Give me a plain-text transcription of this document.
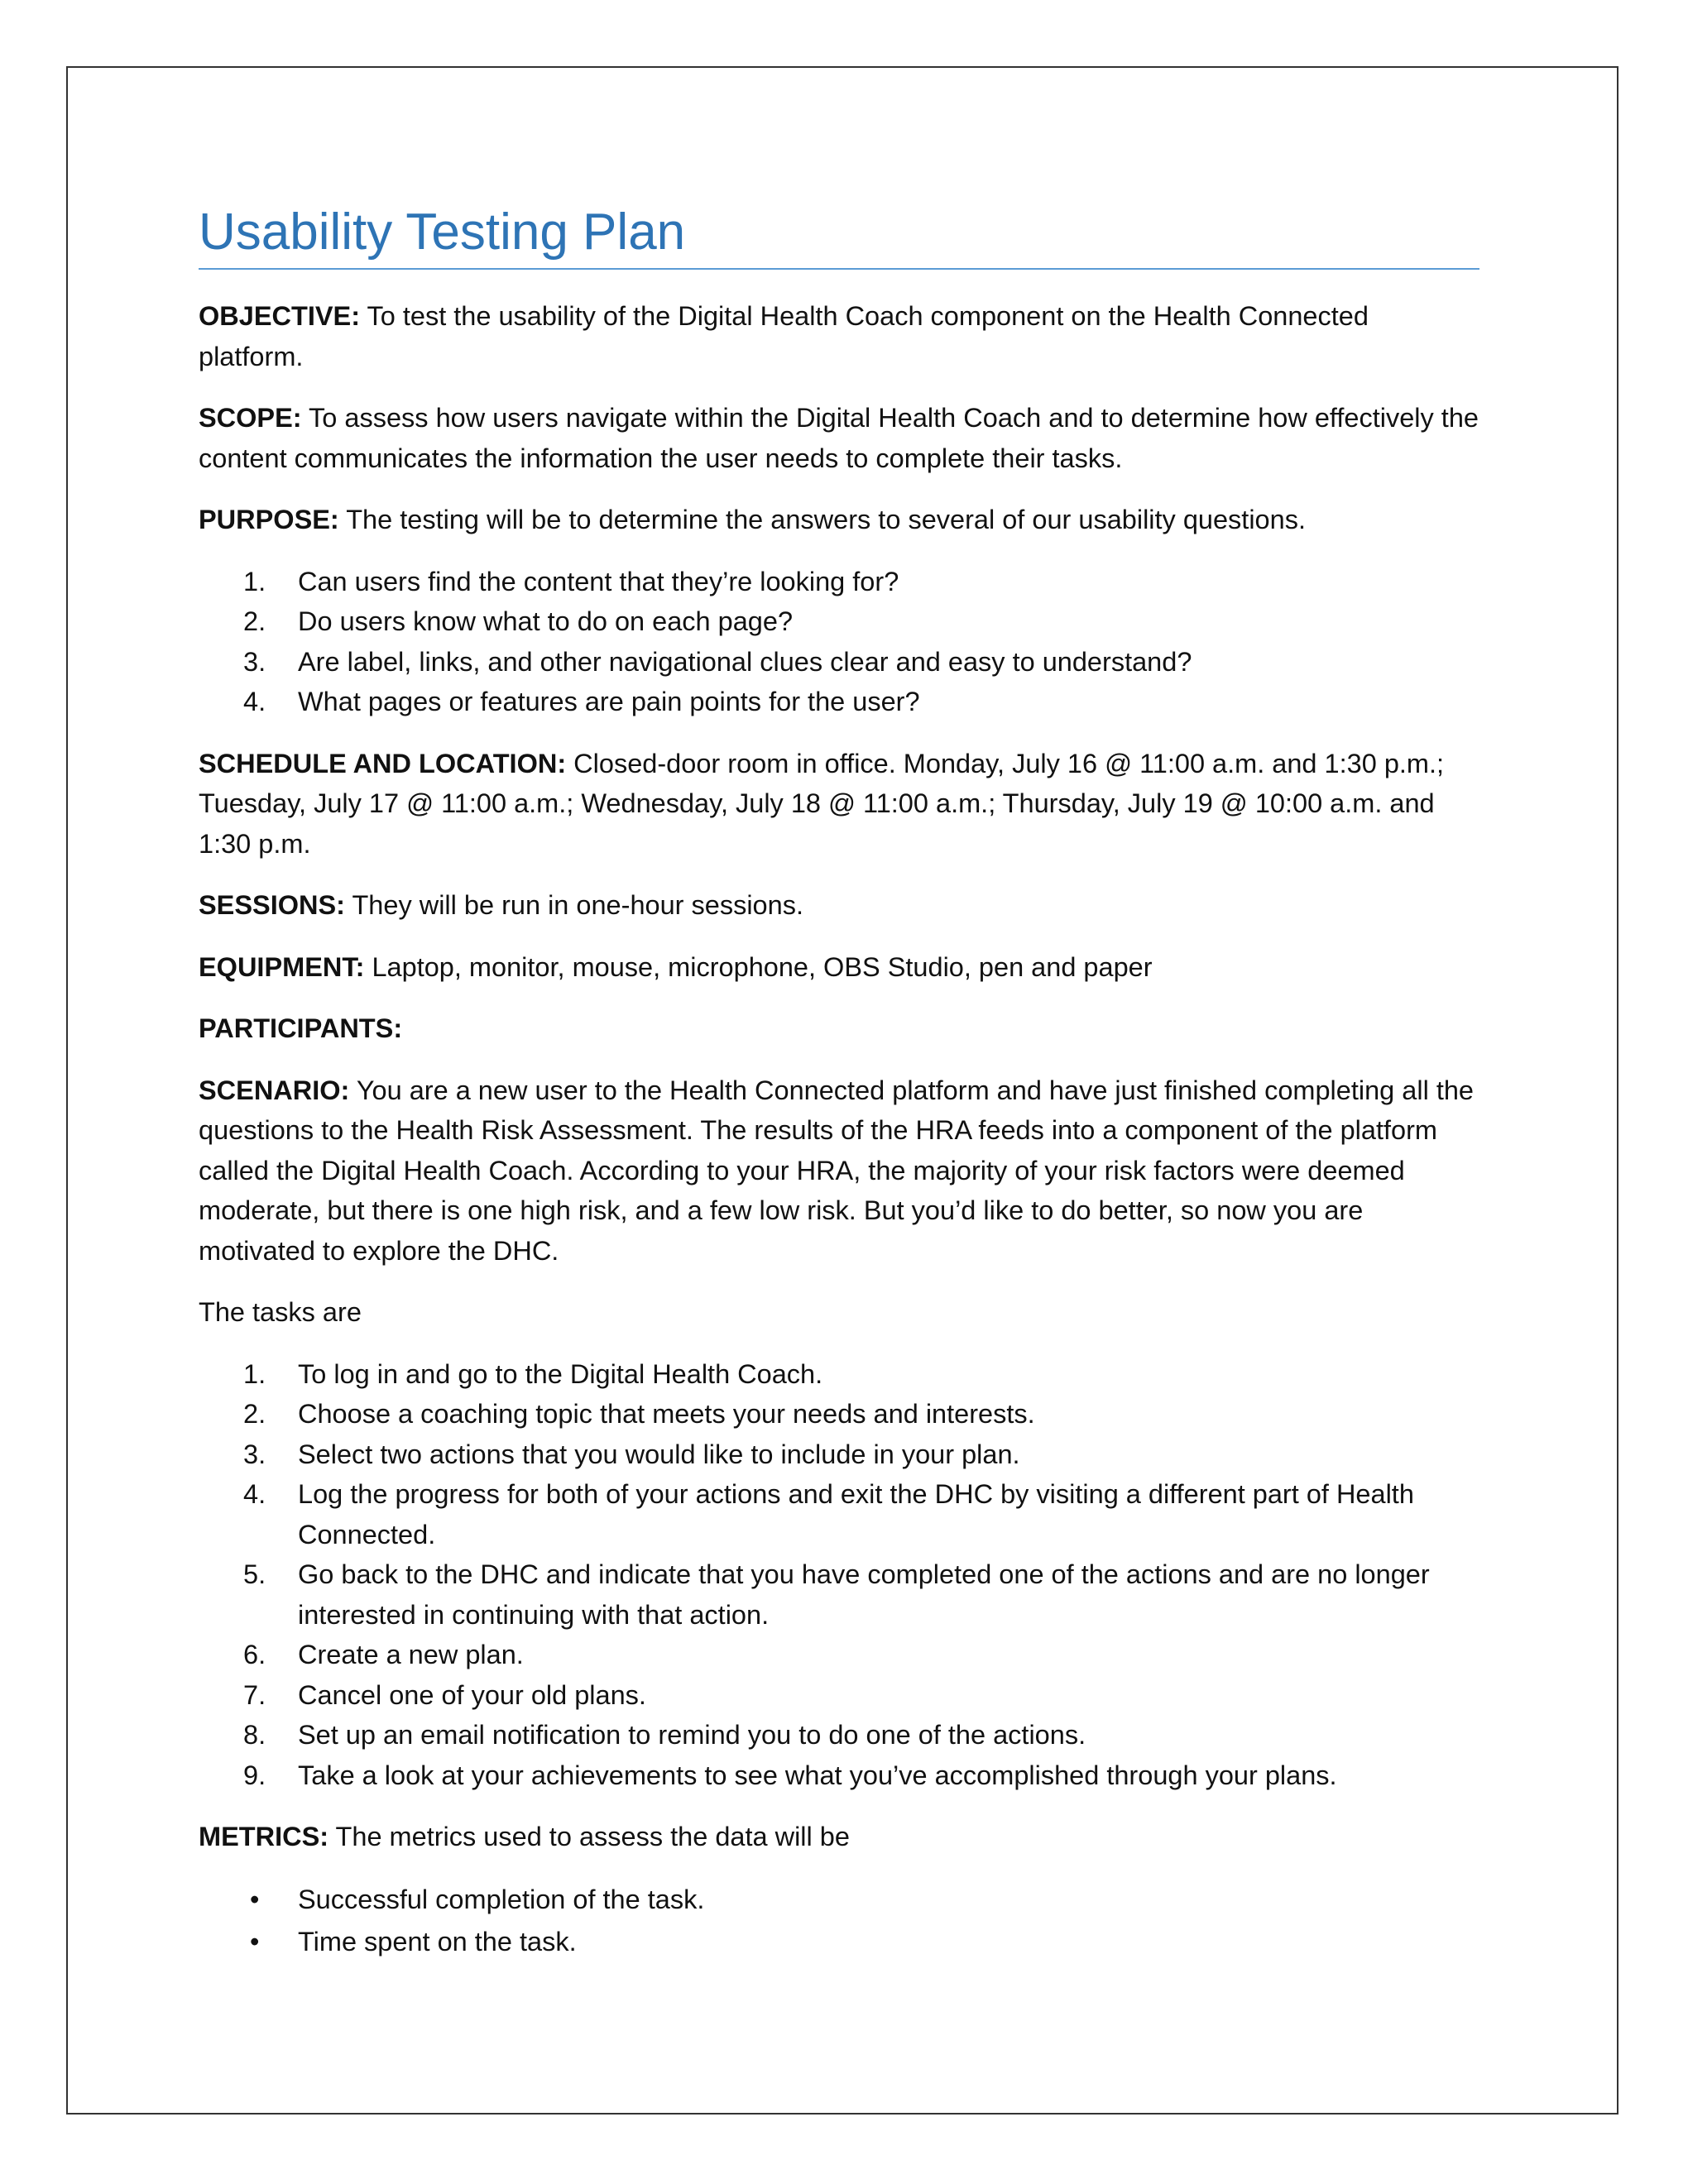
Usability Testing Plan

OBJECTIVE: To test the usability of the Digital Health Coach component on the Health Connected platform.

SCOPE: To assess how users navigate within the Digital Health Coach and to determine how effectively the content communicates the information the user needs to complete their tasks.

PURPOSE: The testing will be to determine the answers to several of our usability questions.

1. Can users find the content that they’re looking for?
2. Do users know what to do on each page?
3. Are label, links, and other navigational clues clear and easy to understand?
4. What pages or features are pain points for the user?

SCHEDULE AND LOCATION: Closed-door room in office. Monday, July 16 @ 11:00 a.m. and 1:30 p.m.; Tuesday, July 17 @ 11:00 a.m.; Wednesday, July 18 @ 11:00 a.m.; Thursday, July 19 @ 10:00 a.m. and 1:30 p.m.

SESSIONS: They will be run in one-hour sessions.

EQUIPMENT: Laptop, monitor, mouse, microphone, OBS Studio, pen and paper

PARTICIPANTS:

SCENARIO: You are a new user to the Health Connected platform and have just finished completing all the questions to the Health Risk Assessment. The results of the HRA feeds into a component of the platform called the Digital Health Coach. According to your HRA, the majority of your risk factors were deemed moderate, but there is one high risk, and a few low risk. But you’d like to do better, so now you are motivated to explore the DHC.

The tasks are

1. To log in and go to the Digital Health Coach.
2. Choose a coaching topic that meets your needs and interests.
3. Select two actions that you would like to include in your plan.
4. Log the progress for both of your actions and exit the DHC by visiting a different part of Health Connected.
5. Go back to the DHC and indicate that you have completed one of the actions and are no longer interested in continuing with that action.
6. Create a new plan.
7. Cancel one of your old plans.
8. Set up an email notification to remind you to do one of the actions.
9. Take a look at your achievements to see what you’ve accomplished through your plans.

METRICS: The metrics used to assess the data will be

• Successful completion of the task.
• Time spent on the task.
